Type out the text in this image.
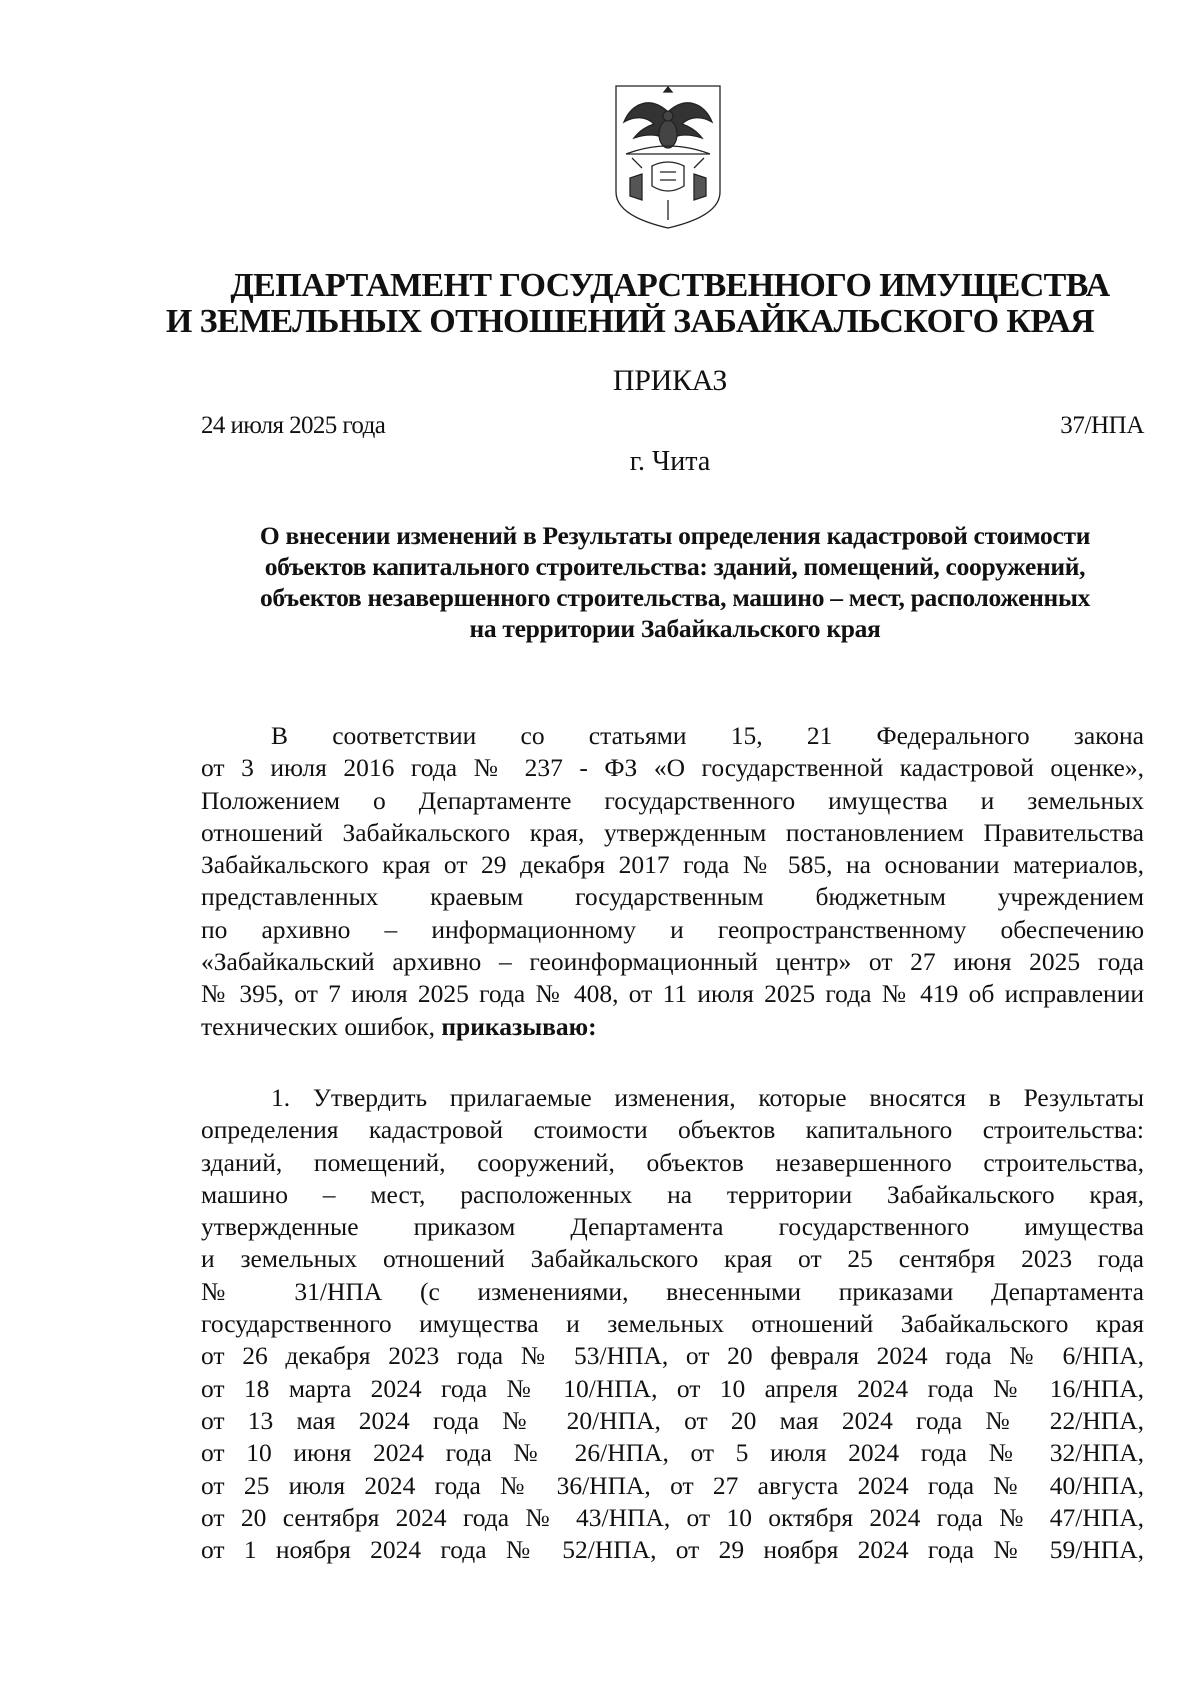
ДЕПАРТАМЕНТ ГОСУДАРСТВЕННОГО ИМУЩЕСТВА
И ЗЕМЕЛЬНЫХ ОТНОШЕНИЙ ЗАБАЙКАЛЬСКОГО КРАЯ
ПРИКАЗ
24 июля 2025 года	37/НПА
г. Чита
О внесении изменений в Результаты определения кадастровой стоимости
объектов капитального строительства: зданий, помещений, сооружений,
объектов незавершенного строительства, машино – мест, расположенных
на территории Забайкальского края
В соответствии со статьями 15, 21 Федерального закона
от 3 июля 2016 года № 237 - ФЗ «О государственной кадастровой оценке»,
Положением о Департаменте государственного имущества и земельных
отношений Забайкальского края, утвержденным постановлением Правительства
Забайкальского края от 29 декабря 2017 года № 585, на основании материалов,
представленных краевым государственным бюджетным учреждением
по архивно – информационному и геопространственному обеспечению
«Забайкальский архивно – геоинформационный центр» от 27 июня 2025 года
№ 395, от 7 июля 2025 года № 408, от 11 июля 2025 года № 419 об исправлении
технических ошибок, приказываю:
1. Утвердить прилагаемые изменения, которые вносятся в Результаты
определения кадастровой стоимости объектов капитального строительства:
зданий, помещений, сооружений, объектов незавершенного строительства,
машино – мест, расположенных на территории Забайкальского края,
утвержденные приказом Департамента государственного имущества
и земельных отношений Забайкальского края от 25 сентября 2023 года
№ 31/НПА (с изменениями, внесенными приказами Департамента
государственного имущества и земельных отношений Забайкальского края
от 26 декабря 2023 года № 53/НПА, от 20 февраля 2024 года № 6/НПА,
от 18 марта 2024 года № 10/НПА, от 10 апреля 2024 года № 16/НПА,
от 13 мая 2024 года № 20/НПА, от 20 мая 2024 года № 22/НПА,
от 10 июня 2024 года № 26/НПА, от 5 июля 2024 года № 32/НПА,
от 25 июля 2024 года № 36/НПА, от 27 августа 2024 года № 40/НПА,
от 20 сентября 2024 года № 43/НПА, от 10 октября 2024 года № 47/НПА,
от 1 ноября 2024 года № 52/НПА, от 29 ноября 2024 года № 59/НПА,
